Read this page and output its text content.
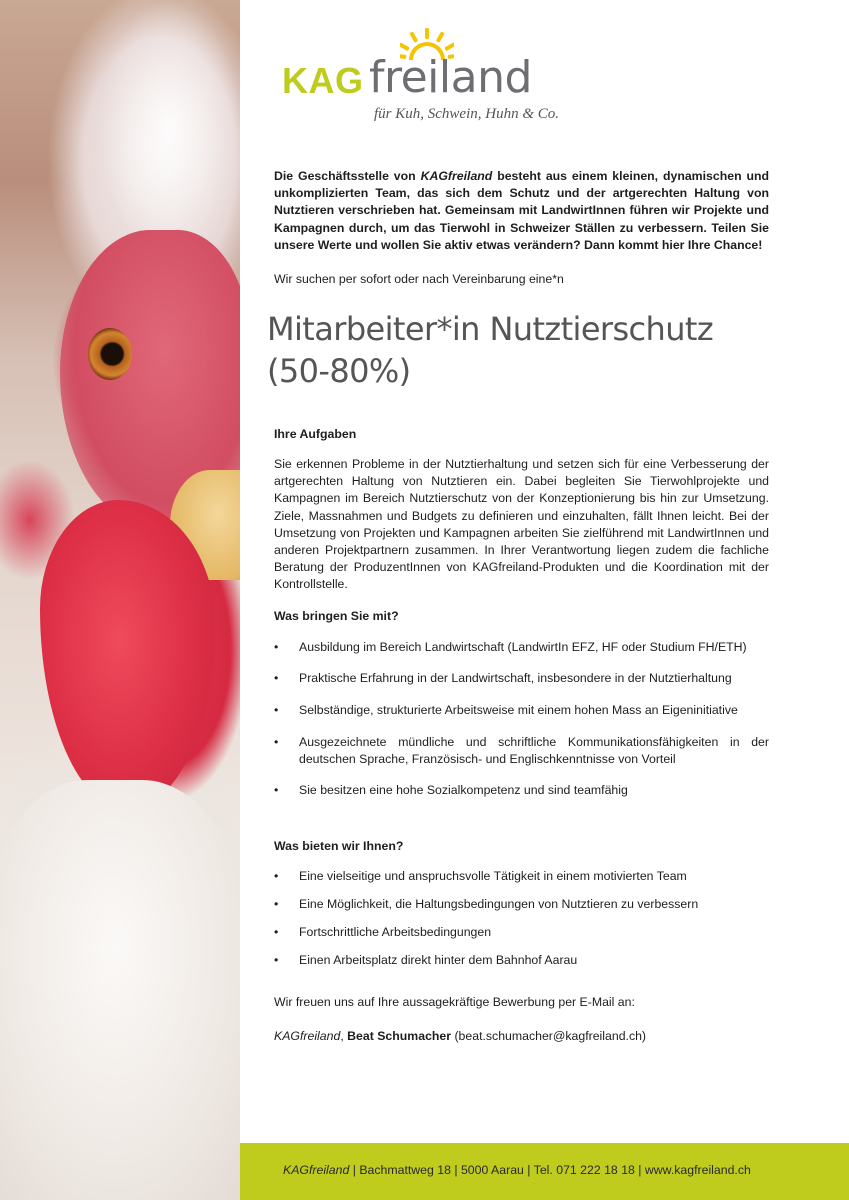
KAG freiland
für Kuh, Schwein, Huhn & Co.
Die Geschäftsstelle von KAGfreiland besteht aus einem kleinen, dynamischen und unkomplizierten Team, das sich dem Schutz und der artgerechten Haltung von Nutztieren verschrieben hat. Gemeinsam mit LandwirtInnen führen wir Projekte und Kampagnen durch, um das Tierwohl in Schweizer Ställen zu verbessern. Teilen Sie unsere Werte und wollen Sie aktiv etwas verändern? Dann kommt hier Ihre Chance!
Wir suchen per sofort oder nach Vereinbarung eine*n
Mitarbeiter*in Nutztierschutz
(50-80%)
Ihre Aufgaben
Sie erkennen Probleme in der Nutztierhaltung und setzen sich für eine Verbesserung der artgerechten Haltung von Nutztieren ein. Dabei begleiten Sie Tierwohlprojekte und Kampagnen im Bereich Nutztierschutz von der Konzeptionierung bis hin zur Umsetzung. Ziele, Massnahmen und Budgets zu definieren und einzuhalten, fällt Ihnen leicht. Bei der Umsetzung von Projekten und Kampagnen arbeiten Sie zielführend mit LandwirtInnen und anderen Projektpartnern zusammen. In Ihrer Verantwortung liegen zudem die fachliche Beratung der ProduzentInnen von KAGfreiland-Produkten und die Koordination mit der Kontrollstelle.
Was bringen Sie mit?
• Ausbildung im Bereich Landwirtschaft (LandwirtIn EFZ, HF oder Studium FH/ETH)
• Praktische Erfahrung in der Landwirtschaft, insbesondere in der Nutztierhaltung
• Selbständige, strukturierte Arbeitsweise mit einem hohen Mass an Eigeninitiative
• Ausgezeichnete mündliche und schriftliche Kommunikationsfähigkeiten in der deutschen Sprache, Französisch- und Englischkenntnisse von Vorteil
• Sie besitzen eine hohe Sozialkompetenz und sind teamfähig
Was bieten wir Ihnen?
• Eine vielseitige und anspruchsvolle Tätigkeit in einem motivierten Team
• Eine Möglichkeit, die Haltungsbedingungen von Nutztieren zu verbessern
• Fortschrittliche Arbeitsbedingungen
• Einen Arbeitsplatz direkt hinter dem Bahnhof Aarau
Wir freuen uns auf Ihre aussagekräftige Bewerbung per E-Mail an:
KAGfreiland, Beat Schumacher (beat.schumacher@kagfreiland.ch)
KAGfreiland | Bachmattweg 18 | 5000 Aarau | Tel. 071 222 18 18 | www.kagfreiland.ch
